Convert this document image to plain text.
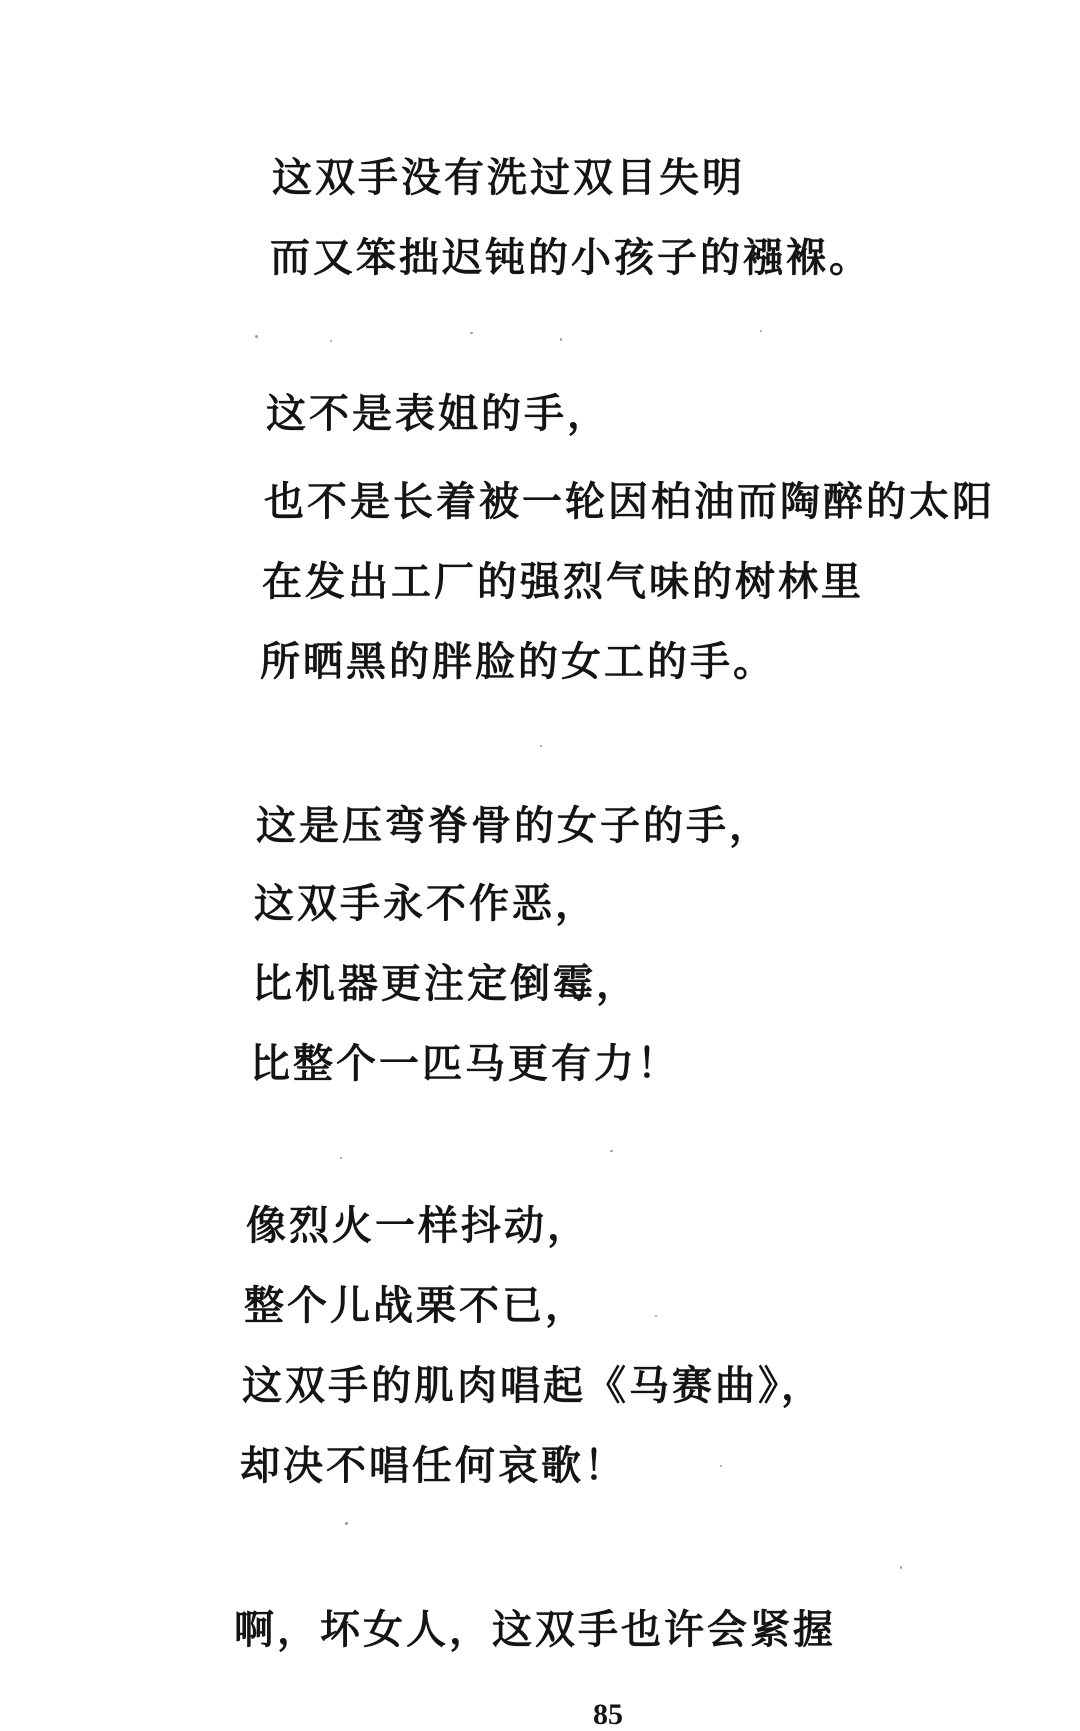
这双手没有洗过双目失明
而又笨拙迟钝的小孩子的襁褓。
这不是表姐的手，
也不是长着被一轮因柏油而陶醉的太阳
在发出工厂的强烈气味的树林里
所晒黑的胖脸的女工的手。
这是压弯脊骨的女子的手，
这双手永不作恶，
比机器更注定倒霉，
比整个一匹马更有力！
像烈火一样抖动，
整个儿战栗不已，
这双手的肌肉唱起《马赛曲》，
却决不唱任何哀歌！
啊，坏女人，这双手也许会紧握
85
